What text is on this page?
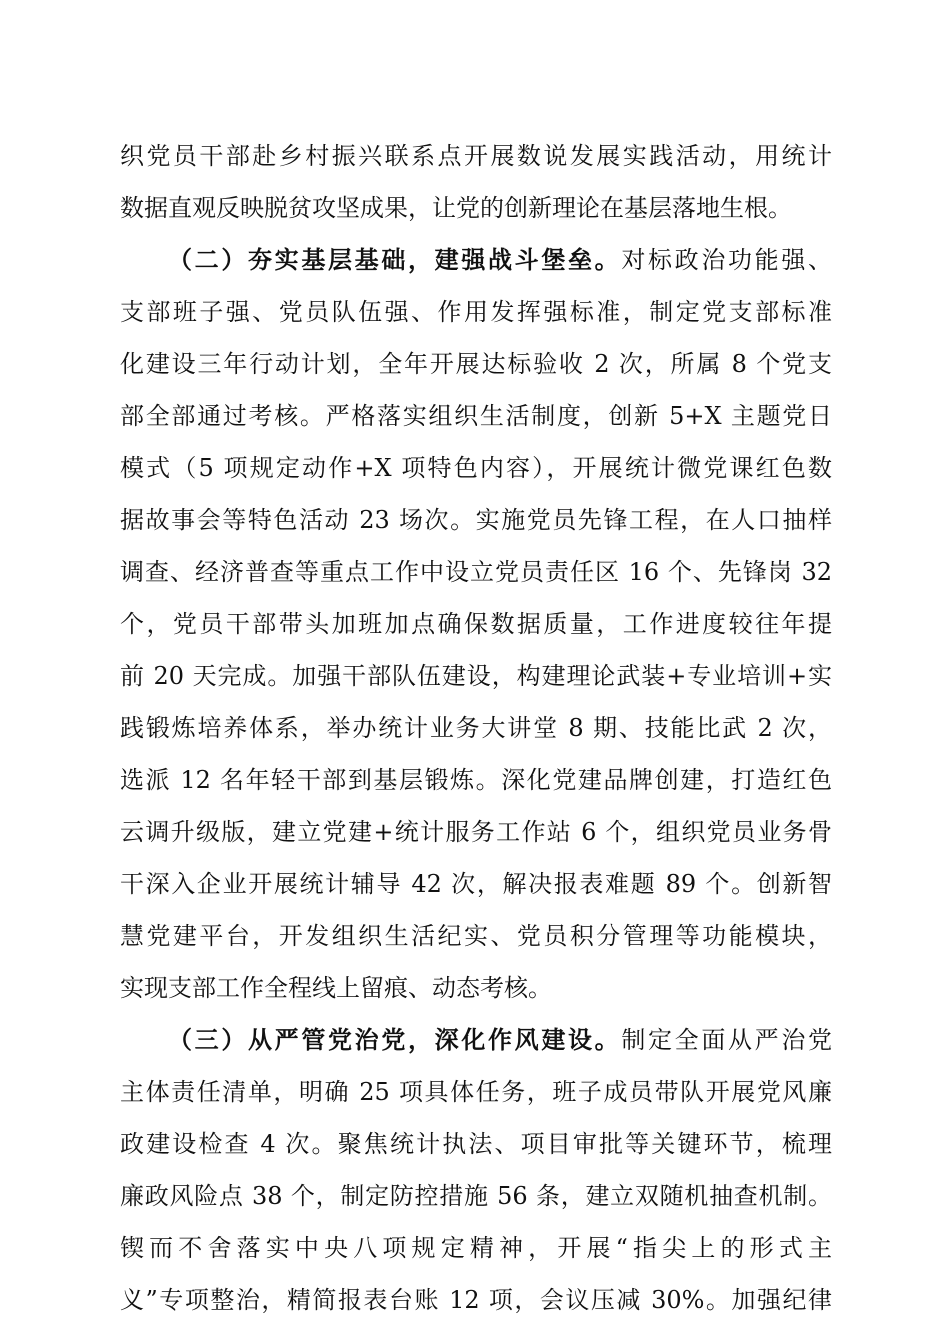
织党员干部赴乡村振兴联系点开展数说发展实践活动，用统计
数据直观反映脱贫攻坚成果，让党的创新理论在基层落地生根。
（二）夯实基层基础，建强战斗堡垒。对标政治功能强、
支部班子强、党员队伍强、作用发挥强标准，制定党支部标准
化建设三年行动计划，全年开展达标验收 2 次，所属 8 个党支
部全部通过考核。严格落实组织生活制度，创新 5+X 主题党日
模式（5 项规定动作+X 项特色内容），开展统计微党课红色数
据故事会等特色活动 23 场次。实施党员先锋工程，在人口抽样
调查、经济普查等重点工作中设立党员责任区 16 个、先锋岗 32
个，党员干部带头加班加点确保数据质量，工作进度较往年提
前 20 天完成。加强干部队伍建设，构建理论武装+专业培训+实
践锻炼培养体系，举办统计业务大讲堂 8 期、技能比武 2 次，
选派 12 名年轻干部到基层锻炼。深化党建品牌创建，打造红色
云调升级版，建立党建+统计服务工作站 6 个，组织党员业务骨
干深入企业开展统计辅导 42 次，解决报表难题 89 个。创新智
慧党建平台，开发组织生活纪实、党员积分管理等功能模块，
实现支部工作全程线上留痕、动态考核。
（三）从严管党治党，深化作风建设。制定全面从严治党
主体责任清单，明确 25 项具体任务，班子成员带队开展党风廉
政建设检查 4 次。聚焦统计执法、项目审批等关键环节，梳理
廉政风险点 38 个，制定防控措施 56 条，建立双随机抽查机制。
锲而不舍落实中央八项规定精神，开展“指尖上的形式主
义”专项整治，精简报表台账 12 项，会议压减 30%。加强纪律
